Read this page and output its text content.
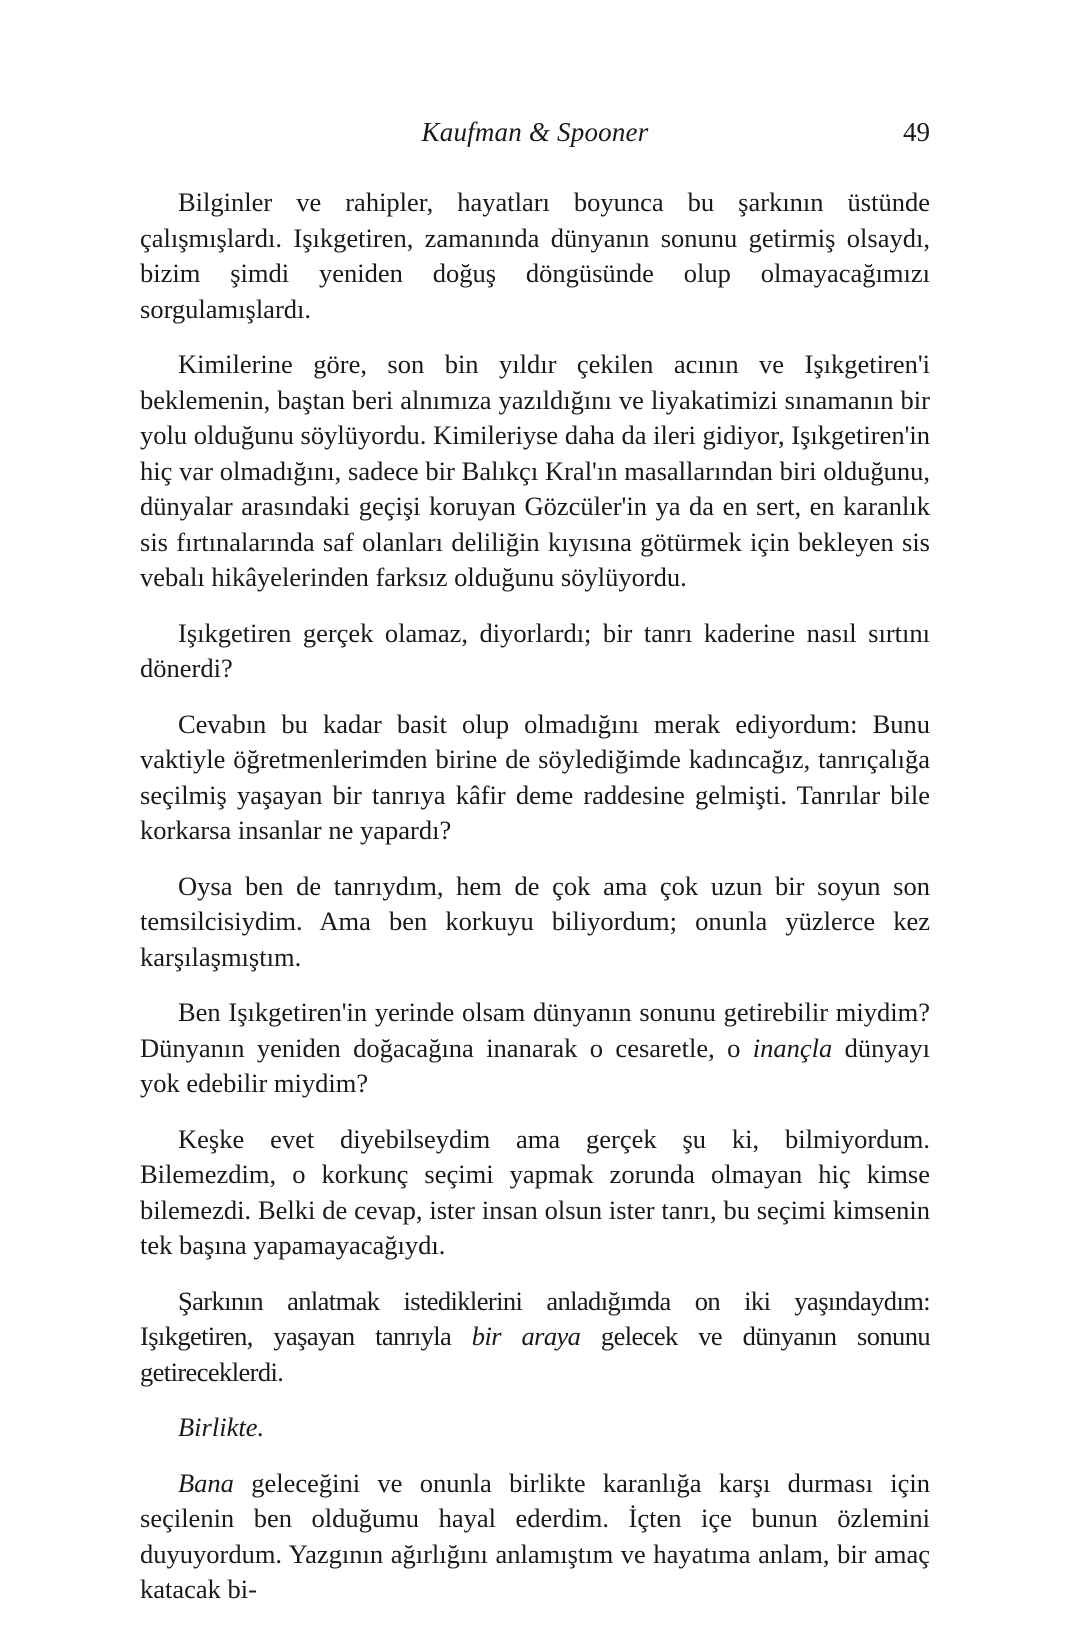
Kaufman & Spooner	49

Bilginler ve rahipler, hayatları boyunca bu şarkının üstünde çalışmışlardı. Işıkgetiren, zamanında dünyanın sonunu getirmiş olsaydı, bizim şimdi yeniden doğuş döngüsünde olup olmayacağımızı sorgulamışlardı.

Kimilerine göre, son bin yıldır çekilen acının ve Işıkgetiren'i beklemenin, baştan beri alnımıza yazıldığını ve liyakatimizi sınamanın bir yolu olduğunu söylüyordu. Kimileriyse daha da ileri gidiyor, Işıkgetiren'in hiç var olmadığını, sadece bir Balıkçı Kral'ın masallarından biri olduğunu, dünyalar arasındaki geçişi koruyan Gözcüler'in ya da en sert, en karanlık sis fırtınalarında saf olanları deliliğin kıyısına götürmek için bekleyen sis vebalı hikâyelerinden farksız olduğunu söylüyordu.

Işıkgetiren gerçek olamaz, diyorlardı; bir tanrı kaderine nasıl sırtını dönerdi?

Cevabın bu kadar basit olup olmadığını merak ediyordum: Bunu vaktiyle öğretmenlerimden birine de söylediğimde kadıncağız, tanrıçalığa seçilmiş yaşayan bir tanrıya kâfir deme raddesine gelmişti. Tanrılar bile korkarsa insanlar ne yapardı?

Oysa ben de tanrıydım, hem de çok ama çok uzun bir soyun son temsilcisiydim. Ama ben korkuyu biliyordum; onunla yüzlerce kez karşılaşmıştım.

Ben Işıkgetiren'in yerinde olsam dünyanın sonunu getirebilir miydim? Dünyanın yeniden doğacağına inanarak o cesaretle, o inançla dünyayı yok edebilir miydim?

Keşke evet diyebilseydim ama gerçek şu ki, bilmiyordum. Bilemezdim, o korkunç seçimi yapmak zorunda olmayan hiç kimse bilemezdi. Belki de cevap, ister insan olsun ister tanrı, bu seçimi kimsenin tek başına yapamayacağıydı.

Şarkının anlatmak istediklerini anladığımda on iki yaşındaydım: Işıkgetiren, yaşayan tanrıyla bir araya gelecek ve dünyanın sonunu getireceklerdi.

Birlikte.

Bana geleceğini ve onunla birlikte karanlığa karşı durması için seçilenin ben olduğumu hayal ederdim. İçten içe bunun özlemini duyuyordum. Yazgının ağırlığını anlamıştım ve hayatıma anlam, bir amaç katacak bi-
